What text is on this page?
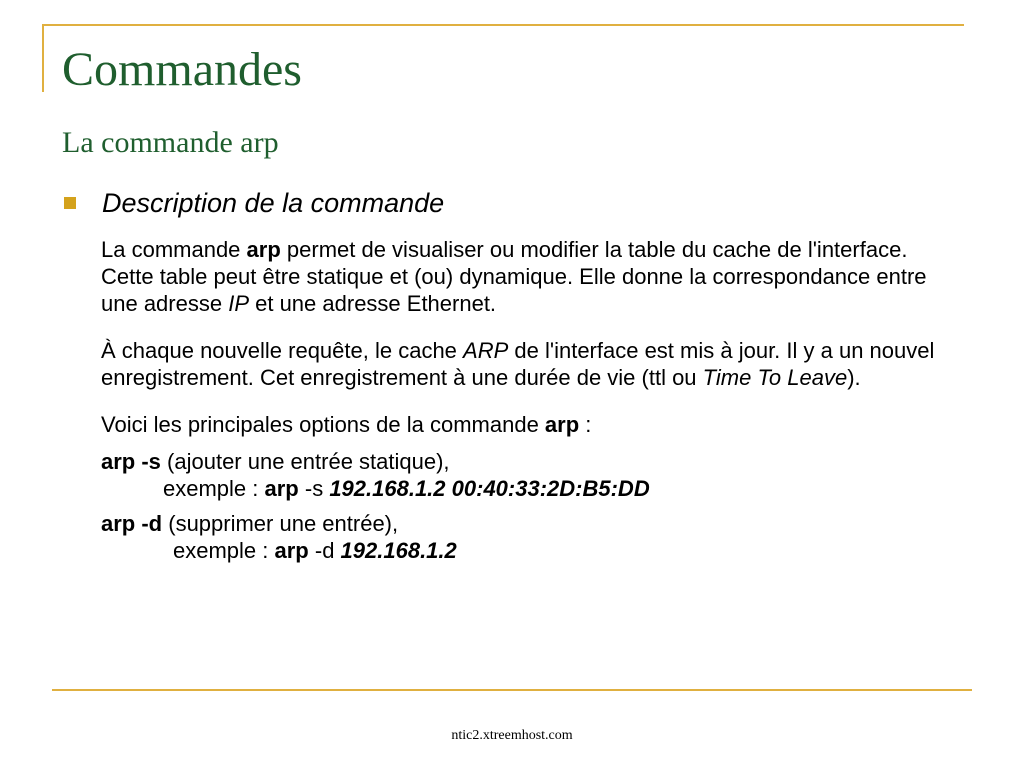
Commandes
La commande arp
Description de la commande

La commande arp permet de visualiser ou modifier la table du cache de l'interface. Cette table peut être statique et (ou) dynamique. Elle donne la correspondance entre une adresse IP et une adresse Ethernet.

À chaque nouvelle requête, le cache ARP de l'interface est mis à jour. Il y a un nouvel enregistrement. Cet enregistrement à une durée de vie (ttl ou Time To Leave).

Voici les principales options de la commande arp :

arp -s (ajouter une entrée statique),
exemple : arp -s 192.168.1.2 00:40:33:2D:B5:DD
arp -d (supprimer une entrée),
exemple : arp -d 192.168.1.2
ntic2.xtreemhost.com
